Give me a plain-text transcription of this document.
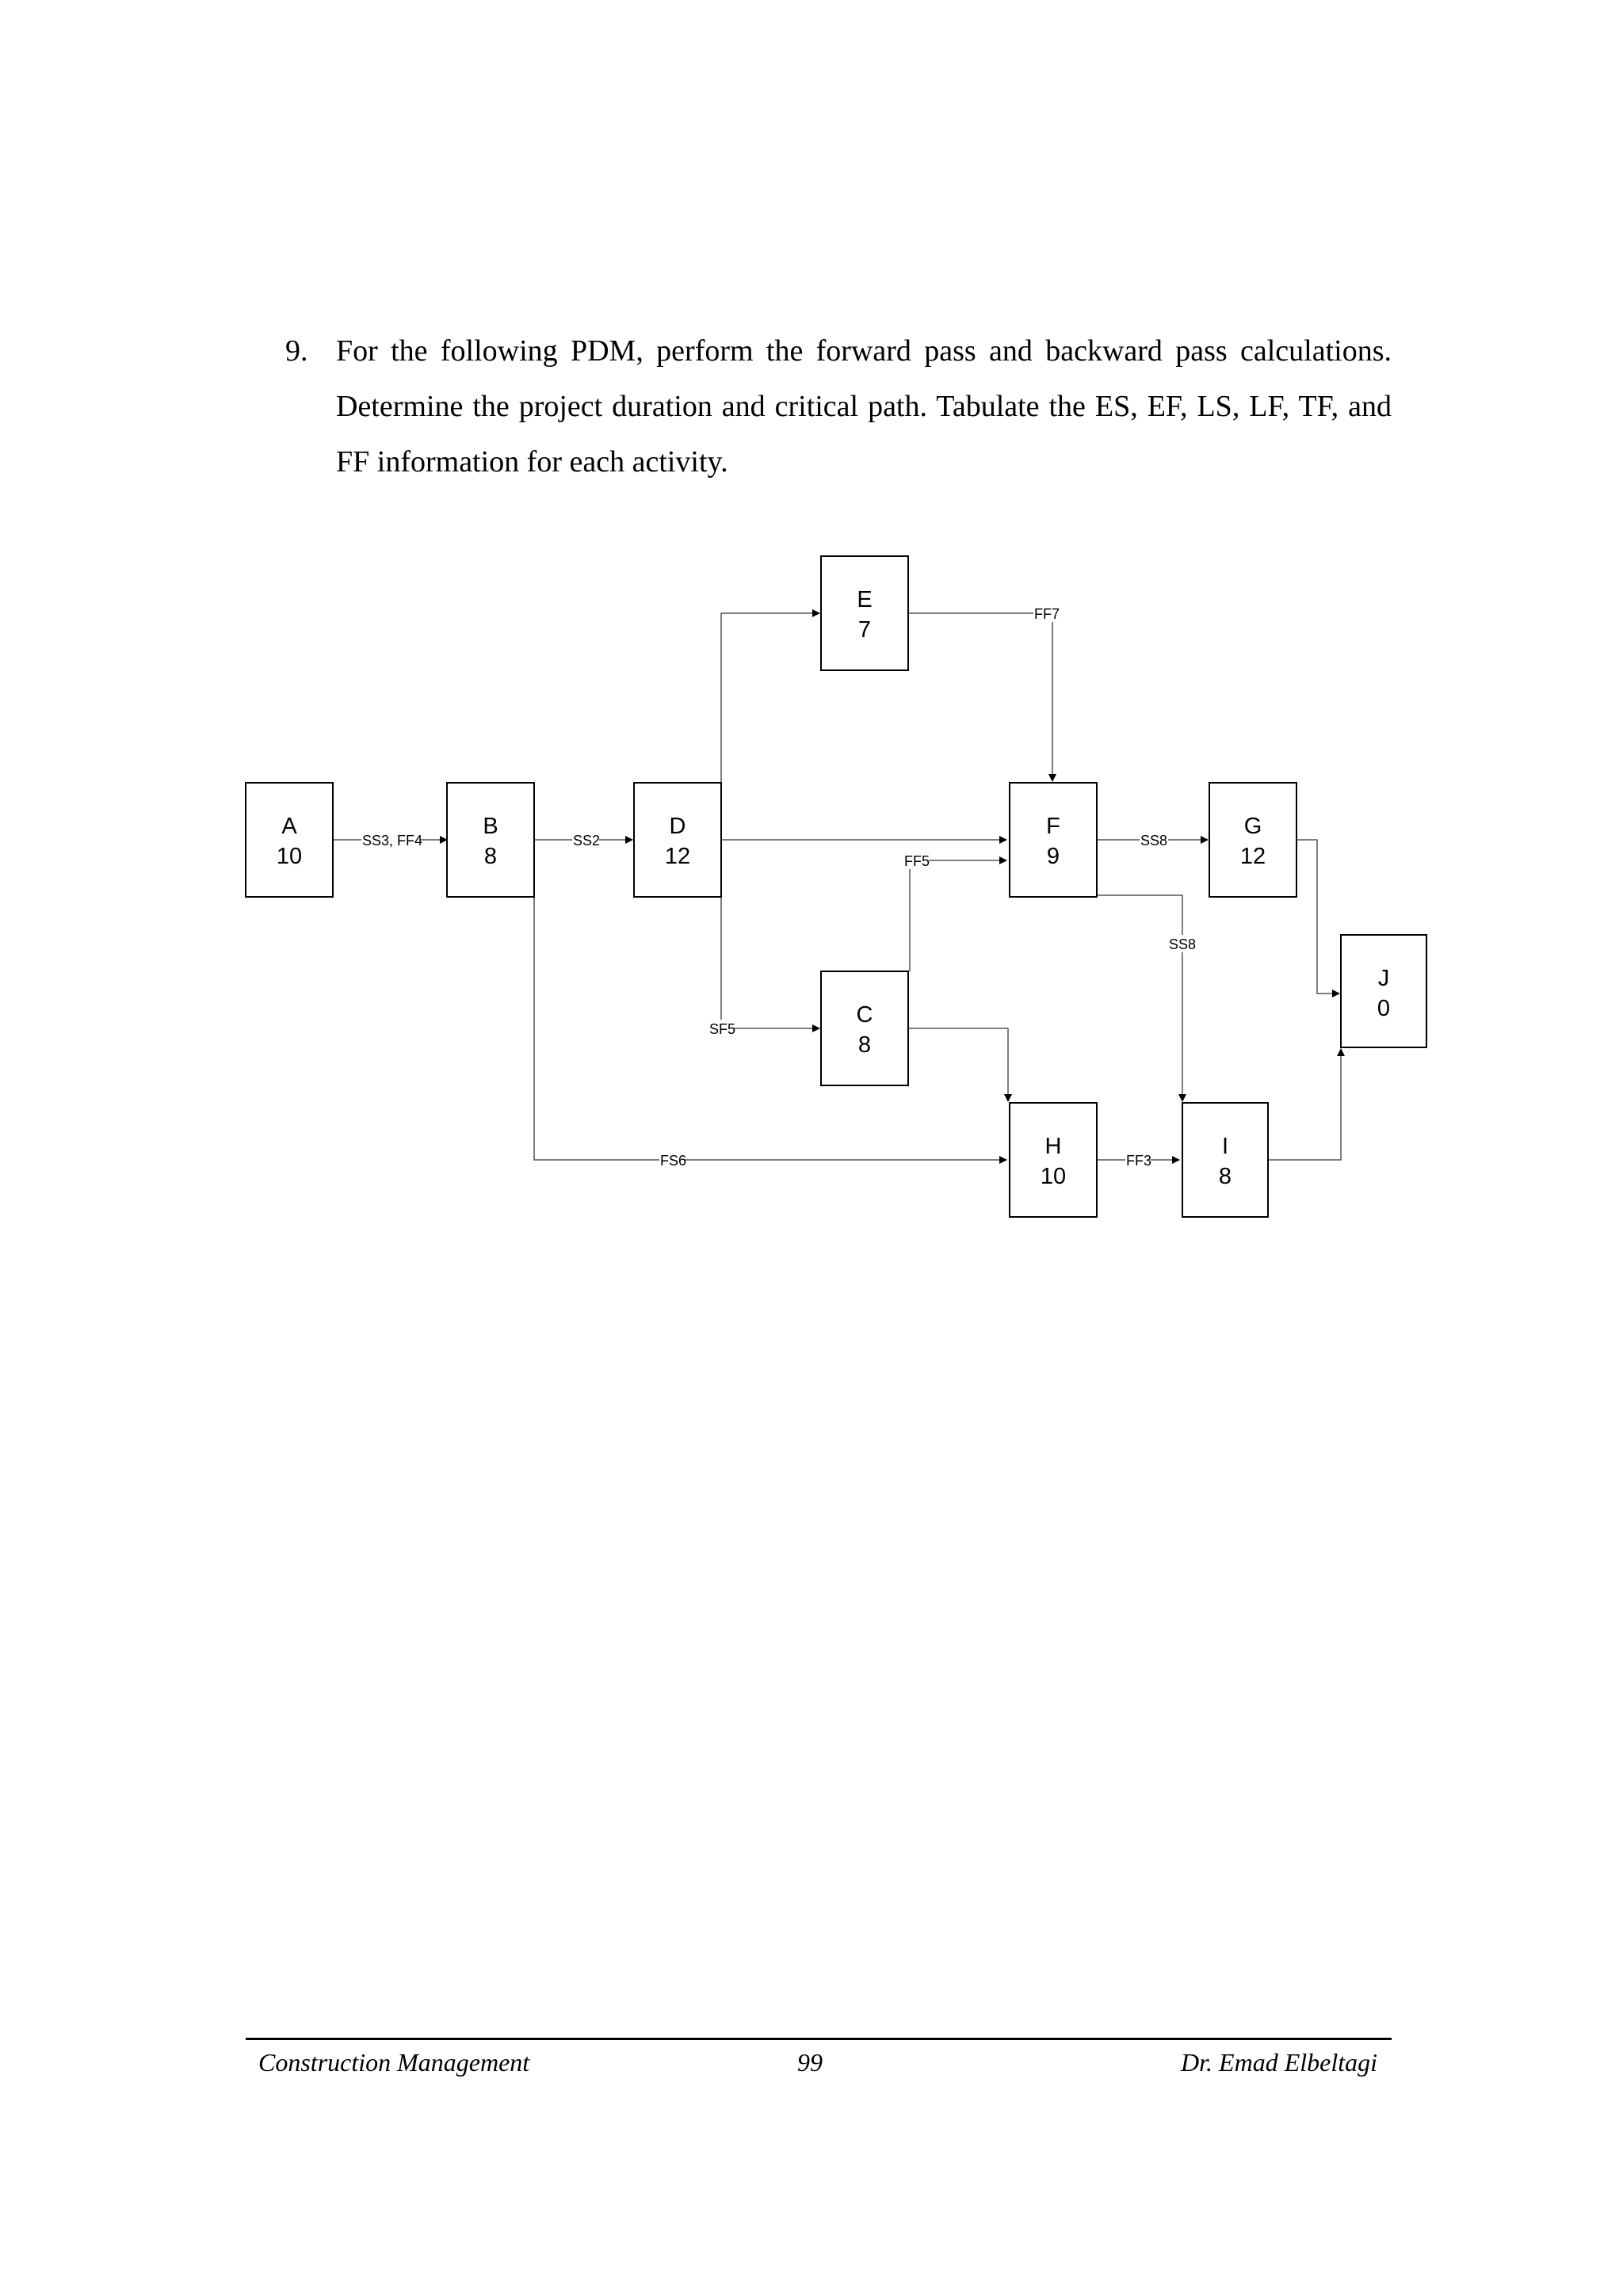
9. For the following PDM, perform the forward pass and backward pass calculations. Determine the project duration and critical path. Tabulate the ES, EF, LS, LF, TF, and FF information for each activity.
SS3, FF4	SS2
FF7
FF5
SS8
SS8
SF5
FS6	FF3
A
10
B
8
D
12
E
7
F
9
G
12
C
8
H
10
I
8
J
0
Construction Management	99	Dr. Emad Elbeltagi
